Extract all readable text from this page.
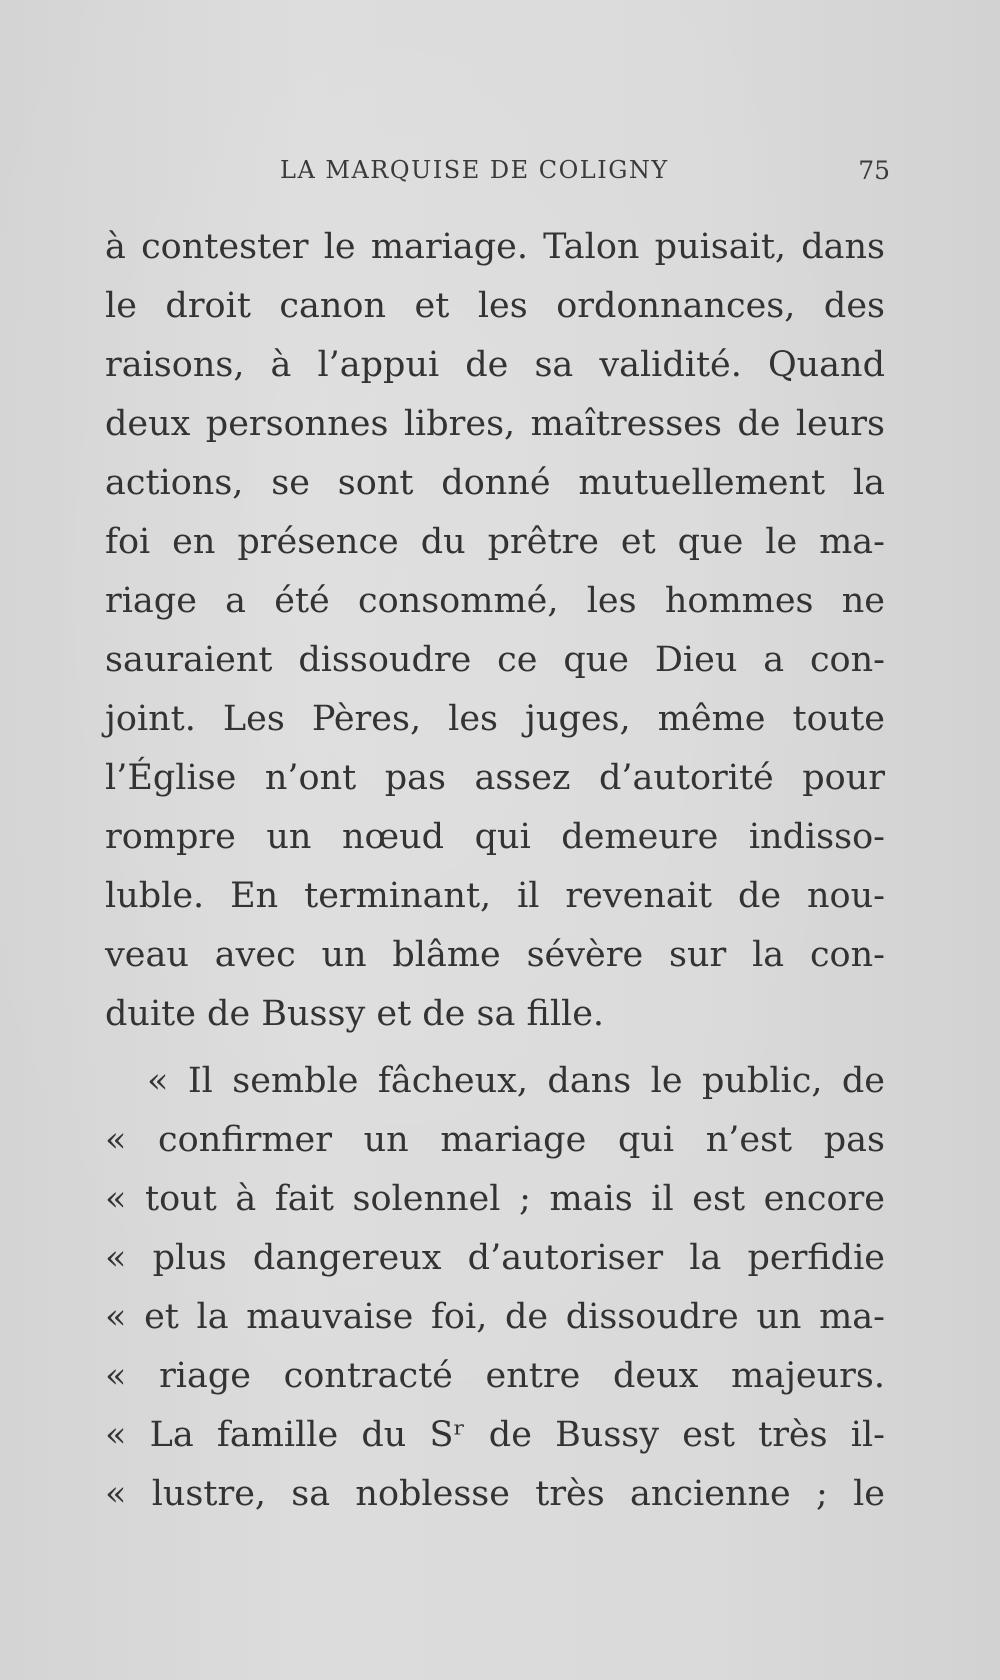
LA MARQUISE DE COLIGNY	75
à contester le mariage. Talon puisait, dans
le droit canon et les ordonnances, des
raisons, à l’appui de sa validité. Quand
deux personnes libres, maîtresses de leurs
actions, se sont donné mutuellement la
foi en présence du prêtre et que le ma-
riage a été consommé, les hommes ne
sauraient dissoudre ce que Dieu a con-
joint. Les Pères, les juges, même toute
l’Église n’ont pas assez d’autorité pour
rompre un nœud qui demeure indisso-
luble. En terminant, il revenait de nou-
veau avec un blâme sévère sur la con-
duite de Bussy et de sa fille.
« Il semble fâcheux, dans le public, de
« confirmer un mariage qui n’est pas
« tout à fait solennel ; mais il est encore
« plus dangereux d’autoriser la perfidie
« et la mauvaise foi, de dissoudre un ma-
« riage contracté entre deux majeurs.
« La famille du Sʳ de Bussy est très il-
« lustre, sa noblesse très ancienne ; le
